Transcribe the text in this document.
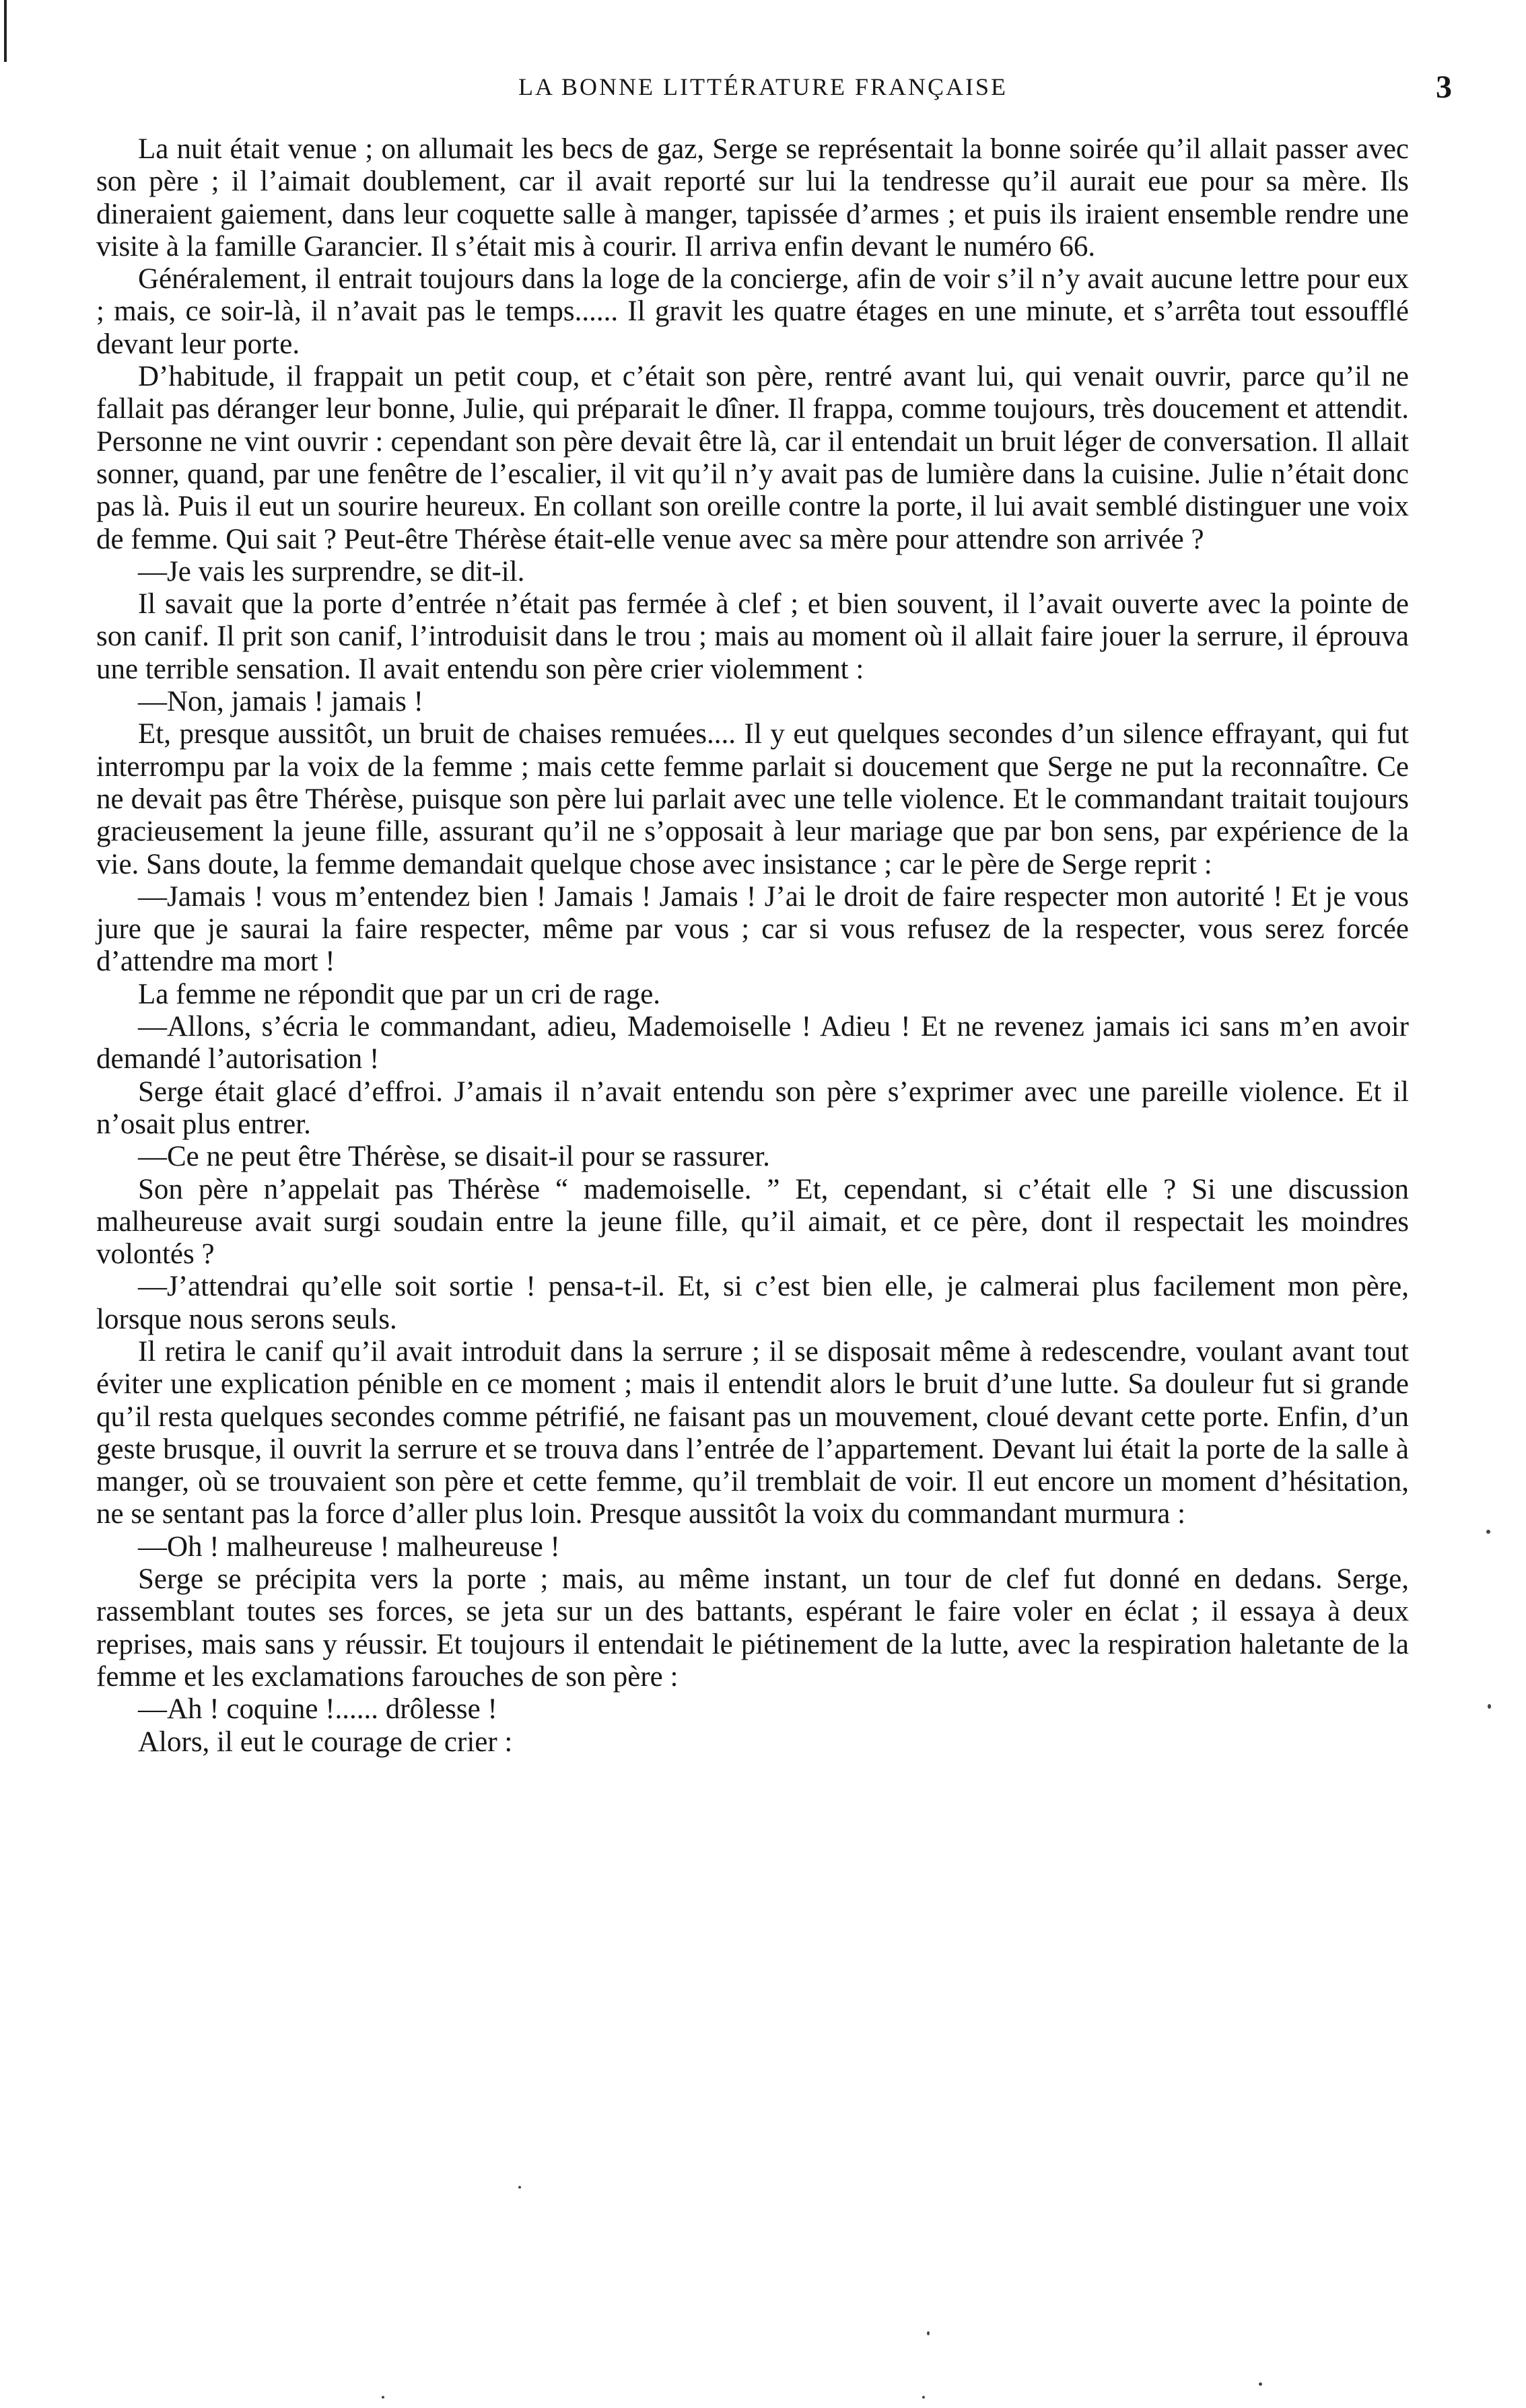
LA BONNE LITTÉRATURE FRANÇAISE	3

La nuit était venue ; on allumait les becs de gaz, Serge se représentait la bonne soirée qu’il allait passer avec son père ; il l’aimait doublement, car il avait reporté sur lui la tendresse qu’il aurait eue pour sa mère. Ils dineraient gaiement, dans leur coquette salle à manger, tapissée d’armes ; et puis ils iraient ensemble rendre une visite à la famille Garancier. Il s’était mis à courir. Il arriva enfin devant le numéro 66.

Généralement, il entrait toujours dans la loge de la concierge, afin de voir s’il n’y avait aucune lettre pour eux ; mais, ce soir-là, il n’avait pas le temps...... Il gravit les quatre étages en une minute, et s’arrêta tout essoufflé devant leur porte.

D’habitude, il frappait un petit coup, et c’était son père, rentré avant lui, qui venait ouvrir, parce qu’il ne fallait pas déranger leur bonne, Julie, qui préparait le dîner. Il frappa, comme toujours, très doucement et attendit. Personne ne vint ouvrir : cependant son père devait être là, car il entendait un bruit léger de conversation. Il allait sonner, quand, par une fenêtre de l’escalier, il vit qu’il n’y avait pas de lumière dans la cuisine. Julie n’était donc pas là. Puis il eut un sourire heureux. En collant son oreille contre la porte, il lui avait semblé distinguer une voix de femme. Qui sait ? Peut-être Thérèse était-elle venue avec sa mère pour attendre son arrivée ?

—Je vais les surprendre, se dit-il.

Il savait que la porte d’entrée n’était pas fermée à clef ; et bien souvent, il l’avait ouverte avec la pointe de son canif. Il prit son canif, l’introduisit dans le trou ; mais au moment où il allait faire jouer la serrure, il éprouva une terrible sensation. Il avait entendu son père crier violemment :

—Non, jamais ! jamais !

Et, presque aussitôt, un bruit de chaises remuées.... Il y eut quelques secondes d’un silence effrayant, qui fut interrompu par la voix de la femme ; mais cette femme parlait si doucement que Serge ne put la reconnaître. Ce ne devait pas être Thérèse, puisque son père lui parlait avec une telle violence. Et le commandant traitait toujours gracieusement la jeune fille, assurant qu’il ne s’opposait à leur mariage que par bon sens, par expérience de la vie. Sans doute, la femme demandait quelque chose avec insistance ; car le père de Serge reprit :

—Jamais ! vous m’entendez bien ! Jamais ! Jamais ! J’ai le droit de faire respecter mon autorité ! Et je vous jure que je saurai la faire respecter, même par vous ; car si vous refusez de la respecter, vous serez forcée d’attendre ma mort !

La femme ne répondit que par un cri de rage.

—Allons, s’écria le commandant, adieu, Mademoiselle ! Adieu ! Et ne revenez jamais ici sans m’en avoir demandé l’autorisation !

Serge était glacé d’effroi. J’amais il n’avait entendu son père s’exprimer avec une pareille violence. Et il n’osait plus entrer.

—Ce ne peut être Thérèse, se disait-il pour se rassurer.

Son père n’appelait pas Thérèse “ mademoiselle. ” Et, cependant, si c’était elle ? Si une discussion malheureuse avait surgi soudain entre la jeune fille, qu’il aimait, et ce père, dont il respectait les moindres volontés ?

—J’attendrai qu’elle soit sortie ! pensa-t-il. Et, si c’est bien elle, je calmerai plus facilement mon père, lorsque nous serons seuls.

Il retira le canif qu’il avait introduit dans la serrure ; il se disposait même à redescendre, voulant avant tout éviter une explication pénible en ce moment ; mais il entendit alors le bruit d’une lutte. Sa douleur fut si grande qu’il resta quelques secondes comme pétrifié, ne faisant pas un mouvement, cloué devant cette porte. Enfin, d’un geste brusque, il ouvrit la serrure et se trouva dans l’entrée de l’appartement. Devant lui était la porte de la salle à manger, où se trouvaient son père et cette femme, qu’il tremblait de voir. Il eut encore un moment d’hésitation, ne se sentant pas la force d’aller plus loin. Presque aussitôt la voix du commandant murmura :

—Oh ! malheureuse ! malheureuse !

Serge se précipita vers la porte ; mais, au même instant, un tour de clef fut donné en dedans. Serge, rassemblant toutes ses forces, se jeta sur un des battants, espérant le faire voler en éclat ; il essaya à deux reprises, mais sans y réussir. Et toujours il entendait le piétinement de la lutte, avec la respiration haletante de la femme et les exclamations farouches de son père :

—Ah ! coquine !...... drôlesse !

Alors, il eut le courage de crier :
